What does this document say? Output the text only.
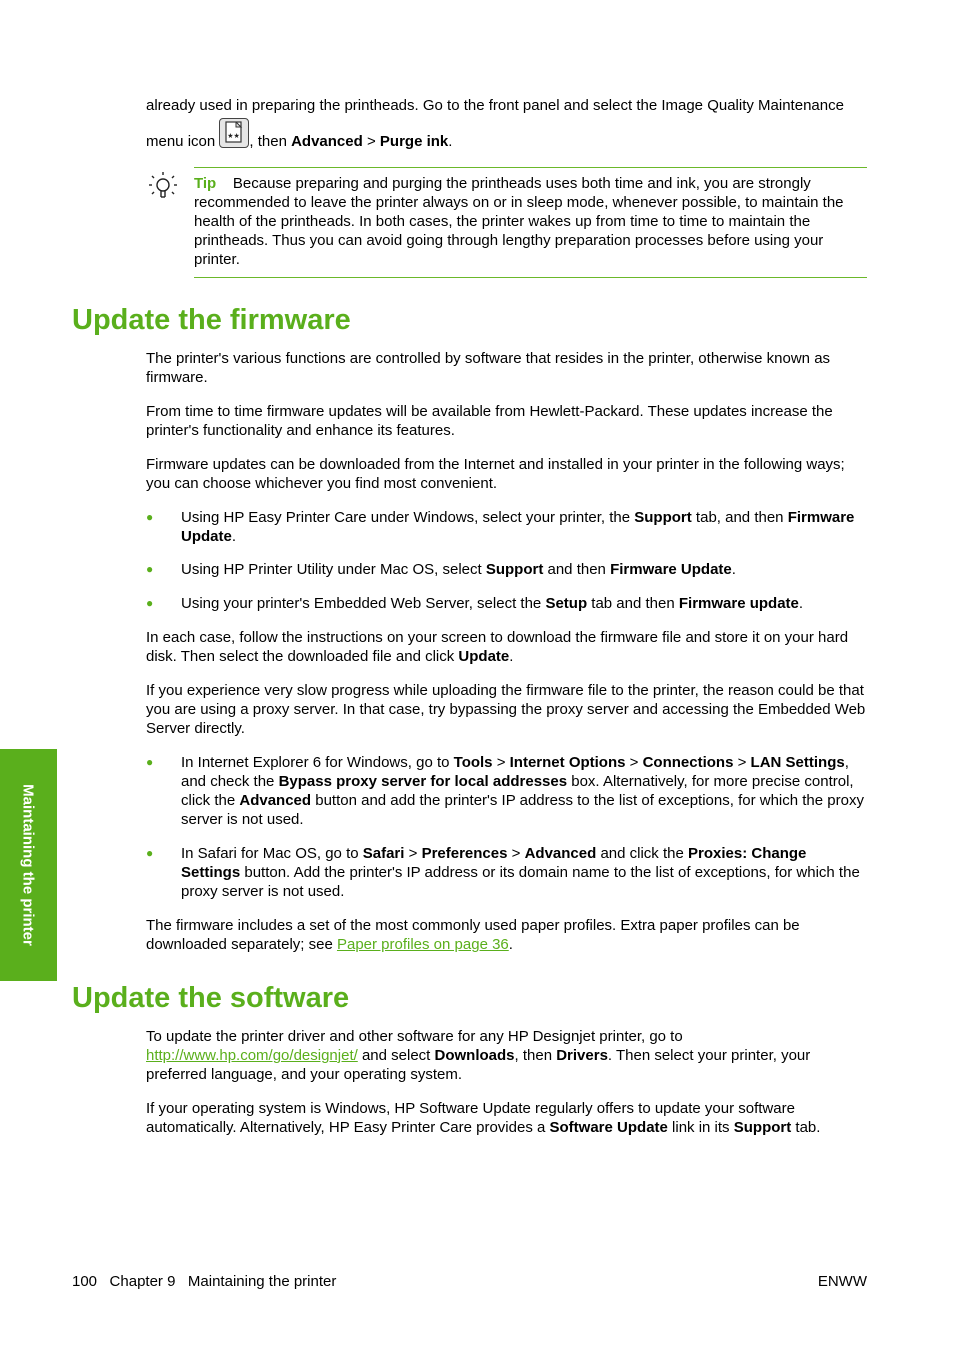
already used in preparing the printheads. Go to the front panel and select the Image Quality Maintenance

menu icon ★★ , then Advanced > Purge ink.

Tip Because preparing and purging the printheads uses both time and ink, you are strongly recommended to leave the printer always on or in sleep mode, whenever possible, to maintain the health of the printheads. In both cases, the printer wakes up from time to time to maintain the printheads. Thus you can avoid going through lengthy preparation processes before using your printer.

Update the firmware

The printer's various functions are controlled by software that resides in the printer, otherwise known as firmware.

From time to time firmware updates will be available from Hewlett-Packard. These updates increase the printer's functionality and enhance its features.

Firmware updates can be downloaded from the Internet and installed in your printer in the following ways; you can choose whichever you find most convenient.

● Using HP Easy Printer Care under Windows, select your printer, the Support tab, and then Firmware Update.

● Using HP Printer Utility under Mac OS, select Support and then Firmware Update.

● Using your printer's Embedded Web Server, select the Setup tab and then Firmware update.

In each case, follow the instructions on your screen to download the firmware file and store it on your hard disk. Then select the downloaded file and click Update.

If you experience very slow progress while uploading the firmware file to the printer, the reason could be that you are using a proxy server. In that case, try bypassing the proxy server and accessing the Embedded Web Server directly.

● In Internet Explorer 6 for Windows, go to Tools > Internet Options > Connections > LAN Settings, and check the Bypass proxy server for local addresses box. Alternatively, for more precise control, click the Advanced button and add the printer's IP address to the list of exceptions, for which the proxy server is not used.

● In Safari for Mac OS, go to Safari > Preferences > Advanced and click the Proxies: Change Settings button. Add the printer's IP address or its domain name to the list of exceptions, for which the proxy server is not used.

The firmware includes a set of the most commonly used paper profiles. Extra paper profiles can be downloaded separately; see Paper profiles on page 36.

Maintaining the printer
Update the software

To update the printer driver and other software for any HP Designjet printer, go to http://www.hp.com/go/designjet/ and select Downloads, then Drivers. Then select your printer, your preferred language, and your operating system.

If your operating system is Windows, HP Software Update regularly offers to update your software automatically. Alternatively, HP Easy Printer Care provides a Software Update link in its Support tab.

100 Chapter 9   Maintaining the printer	ENWW
